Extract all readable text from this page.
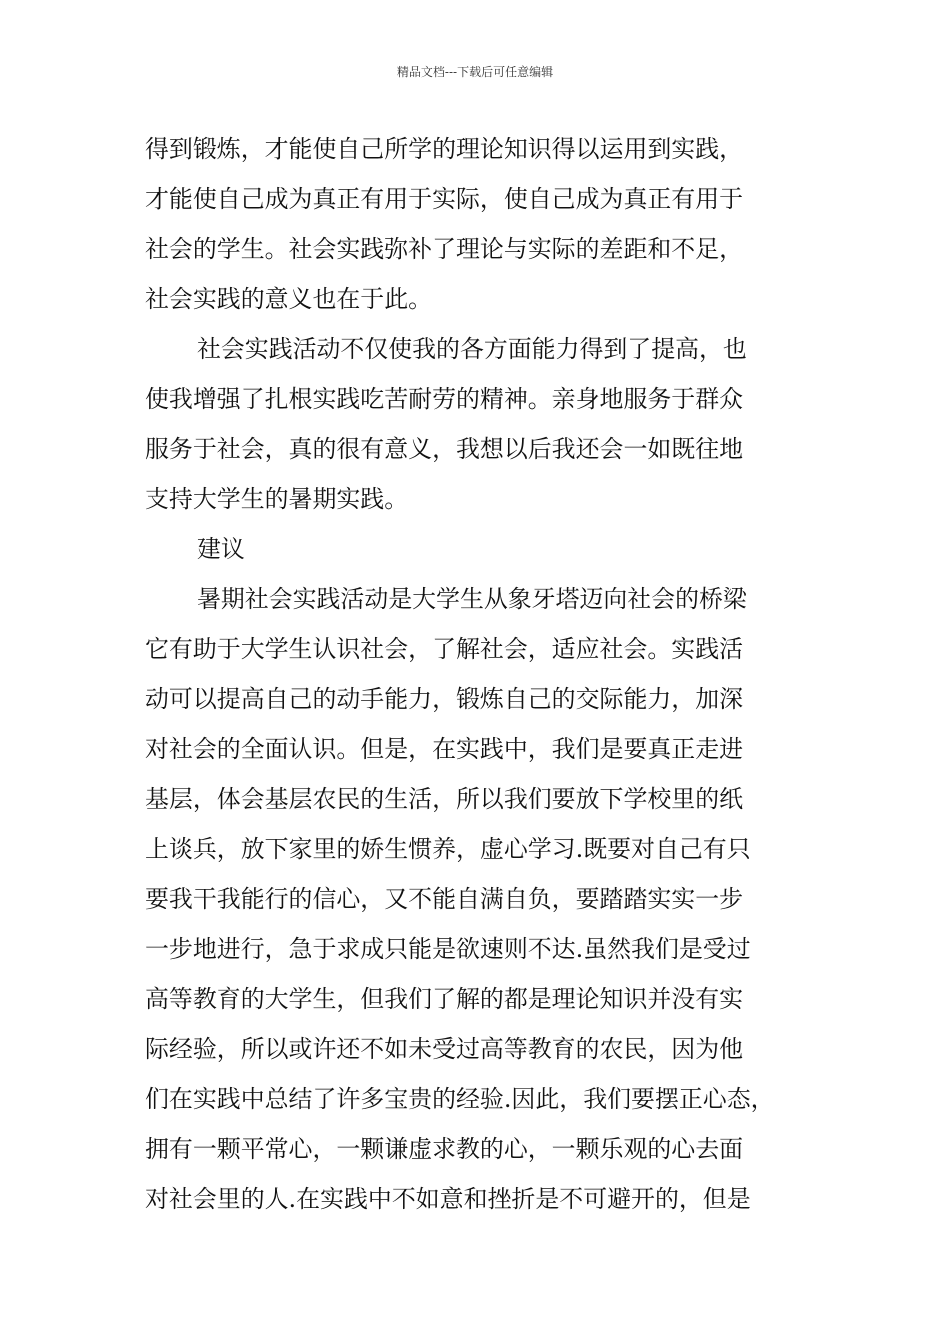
精品文档---下载后可任意编辑
得到锻炼，才能使自己所学的理论知识得以运用到实践，
才能使自己成为真正有用于实际，使自己成为真正有用于
社会的学生。社会实践弥补了理论与实际的差距和不足，
社会实践的意义也在于此。
社会实践活动不仅使我的各方面能力得到了提高，也
使我增强了扎根实践吃苦耐劳的精神。亲身地服务于群众
服务于社会，真的很有意义，我想以后我还会一如既往地
支持大学生的暑期实践。
建议
暑期社会实践活动是大学生从象牙塔迈向社会的桥梁
它有助于大学生认识社会，了解社会，适应社会。实践活
动可以提高自己的动手能力，锻炼自己的交际能力，加深
对社会的全面认识。但是，在实践中，我们是要真正走进
基层，体会基层农民的生活，所以我们要放下学校里的纸
上谈兵，放下家里的娇生惯养，虚心学习.既要对自己有只
要我干我能行的信心，又不能自满自负，要踏踏实实一步
一步地进行，急于求成只能是欲速则不达.虽然我们是受过
高等教育的大学生，但我们了解的都是理论知识并没有实
际经验，所以或许还不如未受过高等教育的农民，因为他
们在实践中总结了许多宝贵的经验.因此，我们要摆正心态，
拥有一颗平常心，一颗谦虚求教的心，一颗乐观的心去面
对社会里的人.在实践中不如意和挫折是不可避开的，但是
